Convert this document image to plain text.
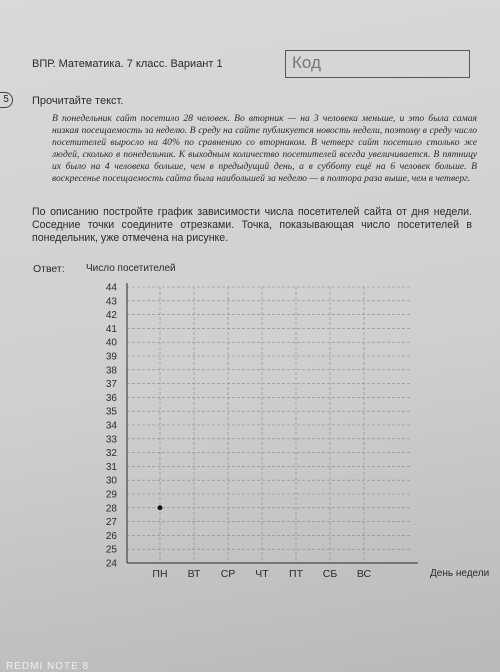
ВПР. Математика. 7 класс. Вариант 1	Код
5	Прочитайте текст.
В понедельник сайт посетило 28 человек. Во вторник — на 3 человека меньше, и это была самая низкая посещаемость за неделю. В среду на сайте публикуется новость недели, поэтому в среду число посетителей выросло на 40% по сравнению со вторником. В четверг сайт посетило столько же людей, сколько в понедельник. К выходным количество посетителей всегда увеличивается. В пятницу их было на 4 человека больше, чем в предыдущий день, а в субботу ещё на 6 человек больше. В воскресенье посещаемость сайта была наибольшей за неделю — в полтора раза выше, чем в четверг.
По описанию постройте график зависимости числа посетителей сайта от дня недели. Соседние точки соедините отрезками. Точка, показывающая число посетителей в понедельник, уже отмечена на рисунке.
Ответ: Число посетителей
24
25
26
27
28
29
30
31
32
33
34
35
36
37
38
39
40
41
42
43
44
ПН ВТ СР ЧТ ПТ СБ ВС	День недели
REDMI NOTE 8
